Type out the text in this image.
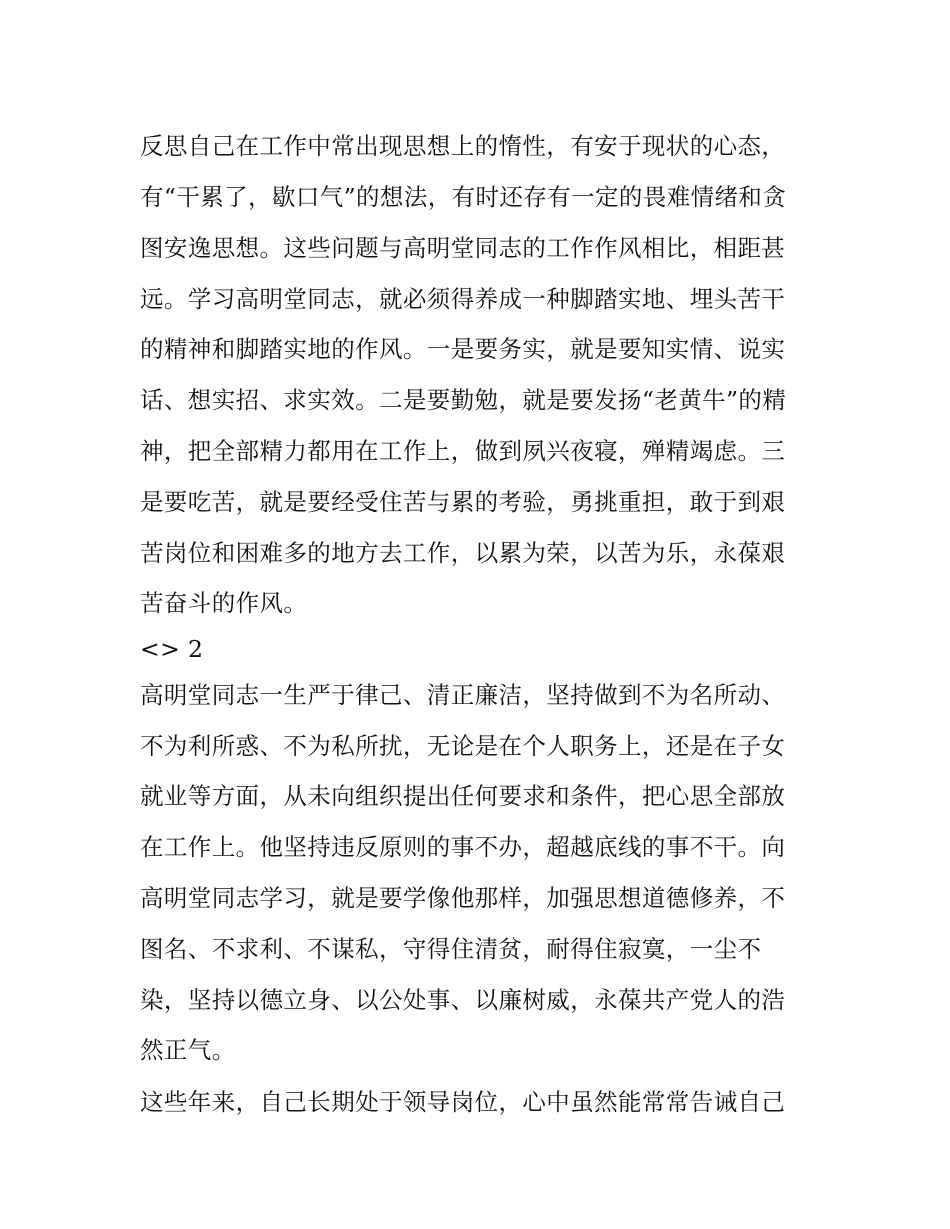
反思自己在工作中常出现思想上的惰性，有安于现状的心态，
有“干累了，歇口气”的想法，有时还存有一定的畏难情绪和贪
图安逸思想。这些问题与高明堂同志的工作作风相比，相距甚
远。学习高明堂同志，就必须得养成一种脚踏实地、埋头苦干
的精神和脚踏实地的作风。一是要务实，就是要知实情、说实
话、想实招、求实效。二是要勤勉，就是要发扬“老黄牛”的精
神，把全部精力都用在工作上，做到夙兴夜寝，殚精竭虑。三
是要吃苦，就是要经受住苦与累的考验，勇挑重担，敢于到艰
苦岗位和困难多的地方去工作，以累为荣，以苦为乐，永葆艰
苦奋斗的作风。
<> 2
高明堂同志一生严于律己、清正廉洁，坚持做到不为名所动、
不为利所惑、不为私所扰，无论是在个人职务上，还是在子女
就业等方面，从未向组织提出任何要求和条件，把心思全部放
在工作上。他坚持违反原则的事不办，超越底线的事不干。向
高明堂同志学习，就是要学像他那样，加强思想道德修养，不
图名、不求利、不谋私，守得住清贫，耐得住寂寞，一尘不
染，坚持以德立身、以公处事、以廉树威，永葆共产党人的浩
然正气。
这些年来，自己长期处于领导岗位，心中虽然能常常告诫自己
